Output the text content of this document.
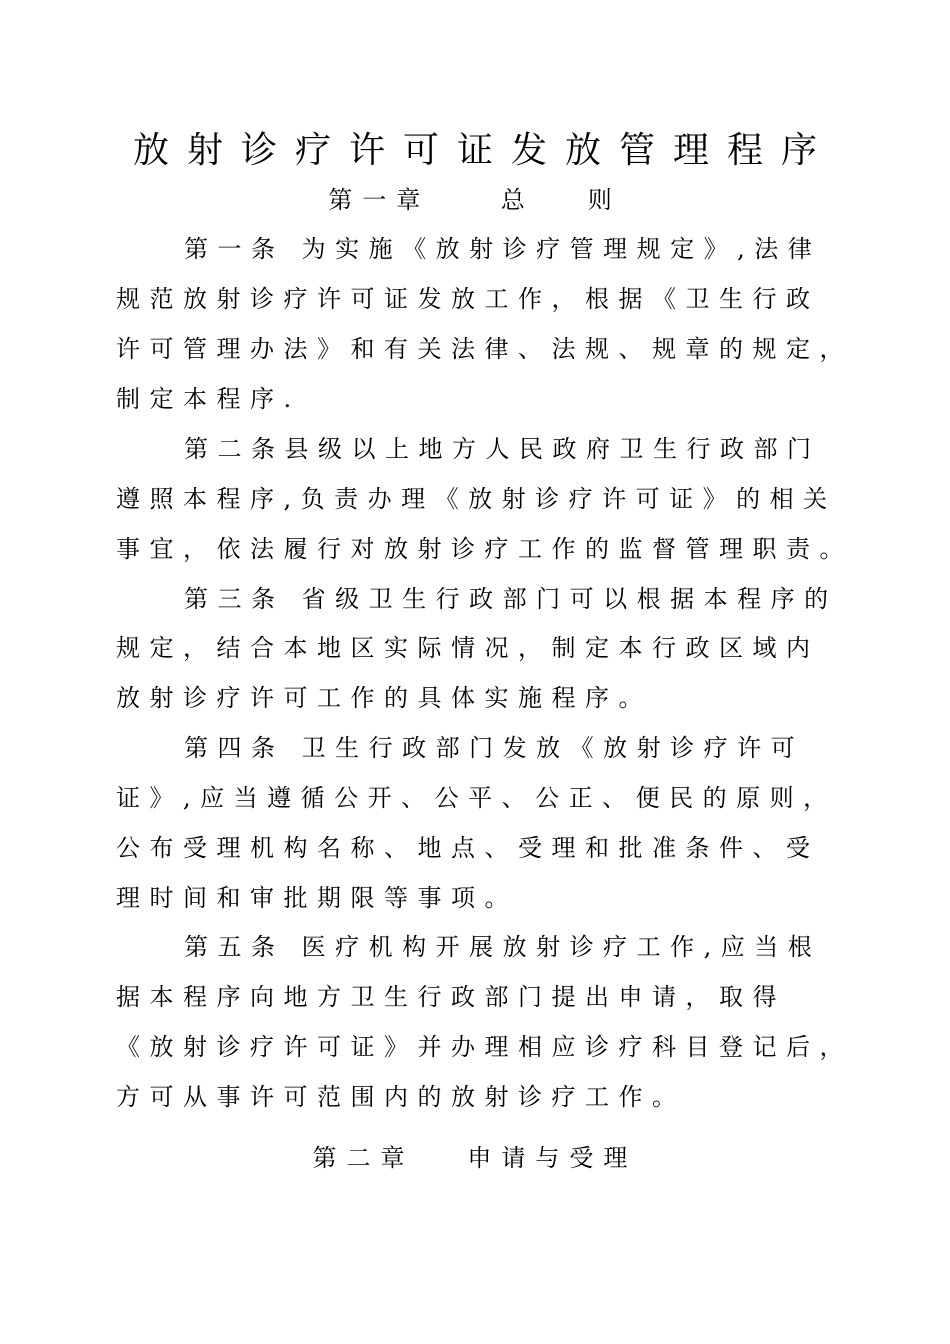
放射诊疗许可证发放管理程序
第一章    总   则
第一条 为实施《放射诊疗管理规定》,法律
规范放射诊疗许可证发放工作，根据《卫生行政
许可管理办法》和有关法律、法规、规章的规定，
制定本程序.
第二条县级以上地方人民政府卫生行政部门
遵照本程序,负责办理《放射诊疗许可证》的相关
事宜，依法履行对放射诊疗工作的监督管理职责。
第三条 省级卫生行政部门可以根据本程序的
规定，结合本地区实际情况，制定本行政区域内
放射诊疗许可工作的具体实施程序。
第四条 卫生行政部门发放《放射诊疗许可
证》,应当遵循公开、公平、公正、便民的原则，
公布受理机构名称、地点、受理和批准条件、受
理时间和审批期限等事项。
第五条 医疗机构开展放射诊疗工作,应当根
据本程序向地方卫生行政部门提出申请，取得
《放射诊疗许可证》并办理相应诊疗科目登记后，
方可从事许可范围内的放射诊疗工作。
第二章   申请与受理
